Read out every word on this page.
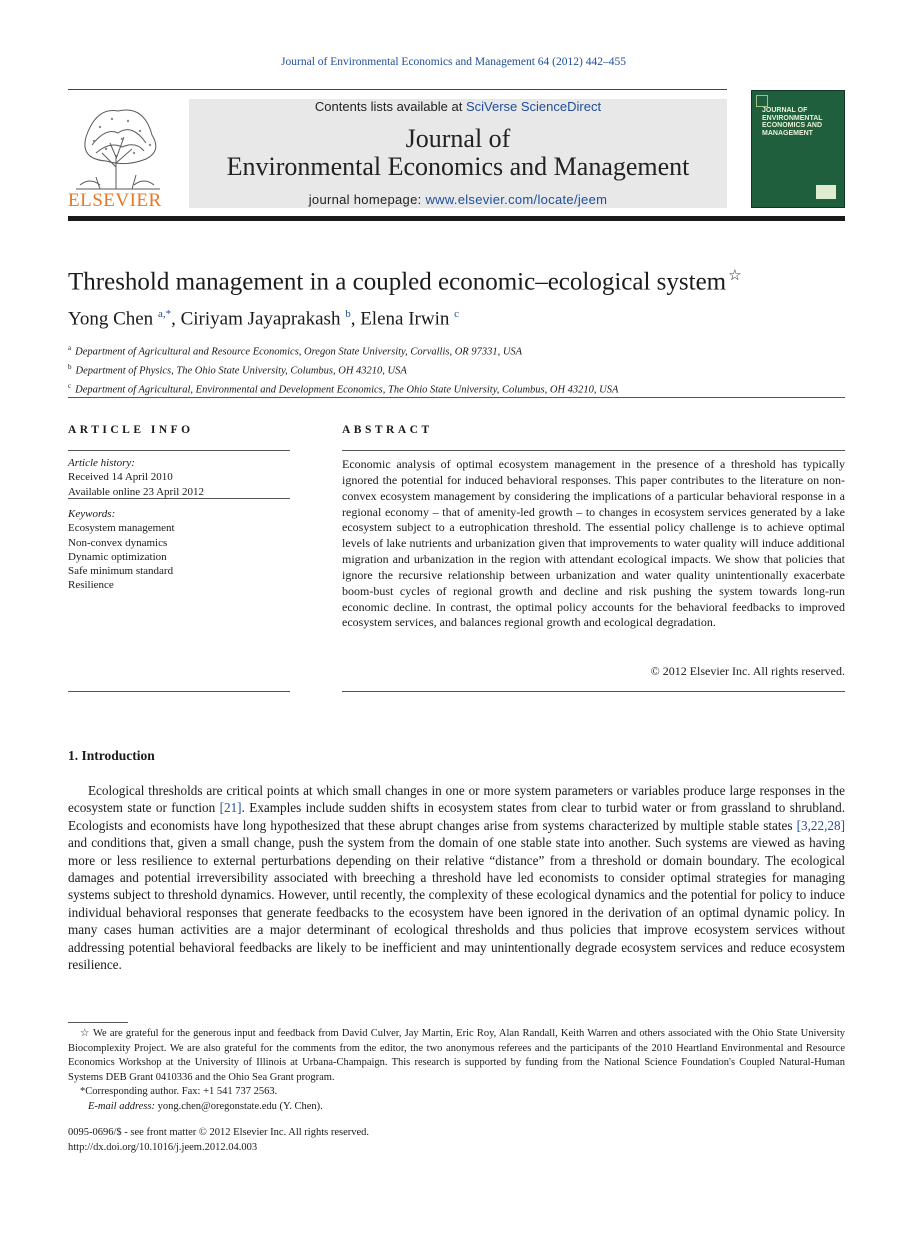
Journal of Environmental Economics and Management 64 (2012) 442–455
ELSEVIER
Contents lists available at SciVerse ScienceDirect
Journal of
Environmental Economics and Management
journal homepage: www.elsevier.com/locate/jeem
JOURNAL OF ENVIRONMENTAL ECONOMICS AND MANAGEMENT
Threshold management in a coupled economic–ecological system ☆
Yong Chen $^{a,*}$, Ciriyam Jayaprakash $^b$, Elena Irwin $^c$
$^a$ Department of Agricultural and Resource Economics, Oregon State University, Corvallis, OR 97331, USA
$^b$ Department of Physics, The Ohio State University, Columbus, OH 43210, USA
$^c$ Department of Agricultural, Environmental and Development Economics, The Ohio State University, Columbus, OH 43210, USA
ARTICLE INFO
Article history:
Received 14 April 2010
Available online 23 April 2012
Keywords:
Ecosystem management
Non-convex dynamics
Dynamic optimization
Safe minimum standard
Resilience
ABSTRACT
Economic analysis of optimal ecosystem management in the presence of a threshold has typically ignored the potential for induced behavioral responses. This paper contributes to the literature on non-convex ecosystem management by considering the implications of a particular behavioral response in a regional economy – that of amenity-led growth – to changes in ecosystem services generated by a lake ecosystem subject to a eutrophication threshold. The essential policy challenge is to achieve optimal levels of lake nutrients and urbanization given that improvements to water quality will induce additional migration and urbanization in the region with attendant ecological impacts. We show that policies that ignore the recursive relationship between urbanization and water quality unintentionally exacerbate boom-bust cycles of regional growth and decline and risk pushing the system towards long-run economic decline. In contrast, the optimal policy accounts for the behavioral feedbacks to improved ecosystem services, and balances regional growth and ecological degradation.
© 2012 Elsevier Inc. All rights reserved.
1. Introduction
Ecological thresholds are critical points at which small changes in one or more system parameters or variables produce large responses in the ecosystem state or function [21]. Examples include sudden shifts in ecosystem states from clear to turbid water or from grassland to shrubland. Ecologists and economists have long hypothesized that these abrupt changes arise from systems characterized by multiple stable states [3,22,28] and conditions that, given a small change, push the system from the domain of one stable state into another. Such systems are viewed as having more or less resilience to external perturbations depending on their relative “distance” from a threshold or domain boundary. The ecological damages and potential irreversibility associated with breeching a threshold have led economists to consider optimal strategies for managing systems subject to threshold dynamics. However, until recently, the complexity of these ecological dynamics and the potential for policy to induce individual behavioral responses that generate feedbacks to the ecosystem have been ignored in the derivation of an optimal dynamic policy. In many cases human activities are a major determinant of ecological thresholds and thus policies that improve ecosystem services without addressing potential behavioral feedbacks are likely to be inefficient and may unintentionally degrade ecosystem services and reduce ecosystem resilience.
☆ We are grateful for the generous input and feedback from David Culver, Jay Martin, Eric Roy, Alan Randall, Keith Warren and others associated with the Ohio State University Biocomplexity Project. We are also grateful for the comments from the editor, the two anonymous referees and the participants of the 2010 Heartland Environmental and Resource Economics Workshop at the University of Illinois at Urbana-Champaign. This research is supported by funding from the National Science Foundation's Coupled Natural-Human Systems DEB Grant 0410336 and the Ohio Sea Grant program.
*Corresponding author. Fax: +1 541 737 2563.
E-mail address: yong.chen@oregonstate.edu (Y. Chen).
0095-0696/$ - see front matter © 2012 Elsevier Inc. All rights reserved.
http://dx.doi.org/10.1016/j.jeem.2012.04.003
